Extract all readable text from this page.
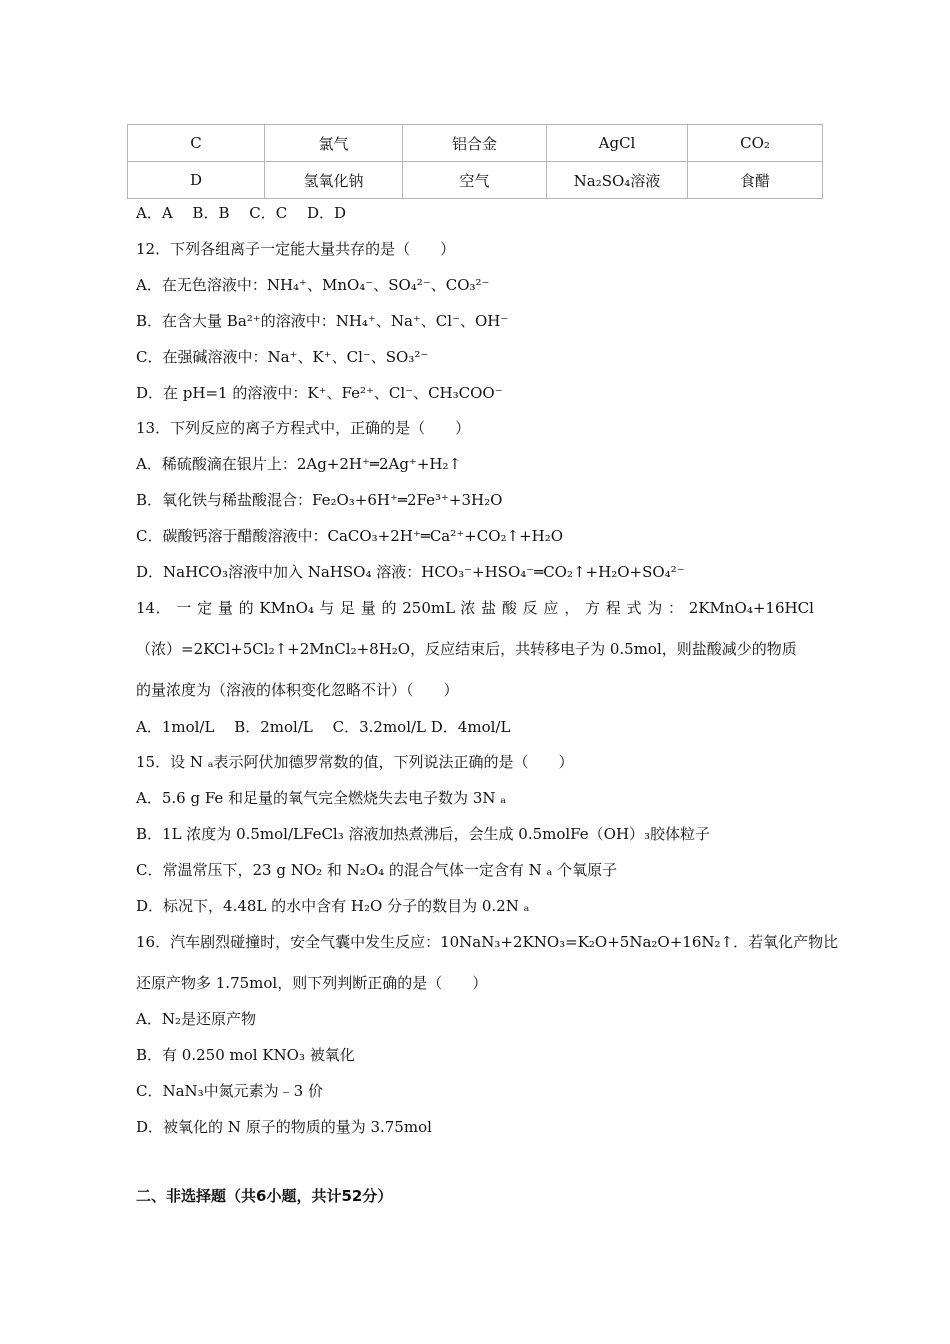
C	氯气	铝合金	AgCl	CO₂
D	氢氧化钠	空气	Na₂SO₄溶液	食醋
A．A　 B．B　 C．C　 D．D
12．下列各组离子一定能大量共存的是（　　）
A．在无色溶液中：NH₄⁺、MnO₄⁻、SO₄²⁻、CO₃²⁻
B．在含大量 Ba²⁺的溶液中：NH₄⁺、Na⁺、Cl⁻、OH⁻
C．在强碱溶液中：Na⁺、K⁺、Cl⁻、SO₃²⁻
D．在 pH=1 的溶液中：K⁺、Fe²⁺、Cl⁻、CH₃COO⁻
13．下列反应的离子方程式中，正确的是（　　）
A．稀硫酸滴在银片上：2Ag+2H⁺═2Ag⁺+H₂↑
B．氧化铁与稀盐酸混合：Fe₂O₃+6H⁺═2Fe³⁺+3H₂O
C．碳酸钙溶于醋酸溶液中：CaCO₃+2H⁺═Ca²⁺+CO₂↑+H₂O
D．NaHCO₃溶液中加入 NaHSO₄ 溶液：HCO₃⁻+HSO₄⁻═CO₂↑+H₂O+SO₄²⁻
14． 一 定 量 的 KMnO₄ 与 足 量 的 250mL 浓 盐 酸 反 应 ， 方 程 式 为 ： 2KMnO₄+16HCl
（浓）=2KCl+5Cl₂↑+2MnCl₂+8H₂O，反应结束后，共转移电子为 0.5mol，则盐酸减少的物质
的量浓度为（溶液的体积变化忽略不计）（　　）
A．1mol/L　 B．2mol/L　 C．3.2mol/L D．4mol/L
15．设 N ₐ表示阿伏加德罗常数的值，下列说法正确的是（　　）
A．5.6 g Fe 和足量的氧气完全燃烧失去电子数为 3N ₐ
B．1L 浓度为 0.5mol/LFeCl₃ 溶液加热煮沸后，会生成 0.5molFe（OH）₃胶体粒子
C．常温常压下，23 g NO₂ 和 N₂O₄ 的混合气体一定含有 N ₐ 个氧原子
D．标况下，4.48L 的水中含有 H₂O 分子的数目为 0.2N ₐ
16．汽车剧烈碰撞时，安全气囊中发生反应：10NaN₃+2KNO₃=K₂O+5Na₂O+16N₂↑．若氧化产物比
还原产物多 1.75mol，则下列判断正确的是（　　）
A．N₂是还原产物
B．有 0.250 mol KNO₃ 被氧化
C．NaN₃中氮元素为﹣3 价
D．被氧化的 N 原子的物质的量为 3.75mol
二、非选择题（共6小题，共计52分）
